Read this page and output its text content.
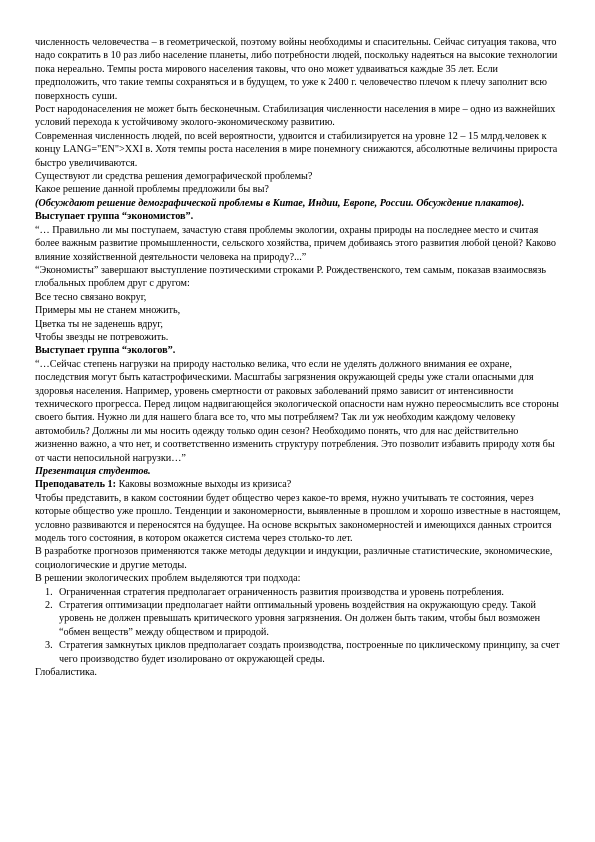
численность человечества – в геометрической, поэтому войны необходимы и спасительны. Сейчас ситуация такова, что надо сократить в 10 раз либо население планеты, либо потребности людей, поскольку надеяться на высокие технологии пока нереально. Темпы роста мирового населения таковы, что оно может удваиваться каждые 35 лет. Если предположить, что такие темпы сохраняться и в будущем, то уже к 2400 г. человечество плечом к плечу заполнит всю поверхность суши.

Рост народонаселения не может быть бесконечным. Стабилизация численности населения в мире – одно из важнейших условий перехода к устойчивому эколого-экономическому развитию.

Современная численность людей, по всей вероятности, удвоится и стабилизируется на уровне 12 – 15 млрд.человек к концу LANG="EN">XXI в. Хотя темпы роста населения в мире понемногу снижаются, абсолютные величины прироста быстро увеличиваются.

Существуют ли средства решения демографической проблемы?

Какое решение данной проблемы предложили бы вы?

(Обсуждают решение демографической проблемы в Китае, Индии, Европе, России. Обсуждение плакатов).

Выступает группа “экономистов”.

“… Правильно ли мы поступаем, зачастую ставя проблемы экологии, охраны природы на последнее место и считая более важным развитие промышленности, сельского хозяйства, причем добиваясь этого развития любой ценой? Каково влияние хозяйственной деятельности человека на природу?...”

“Экономисты” завершают выступление поэтическими строками Р. Рождественского, тем самым, показав взаимосвязь глобальных проблем друг с другом:

Все тесно связано вокруг,

Примеры мы не станем множить,

Цветка ты не заденешь вдруг,

Чтобы звезды не потревожить.

Выступает группа “экологов”.

“…Сейчас степень нагрузки на природу настолько велика, что если не уделять должного внимания ее охране, последствия могут быть катастрофическими. Масштабы загрязнения окружающей среды уже стали опасными для здоровья населения. Например, уровень смертности от раковых заболеваний прямо зависит от интенсивности технического прогресса. Перед лицом надвигающейся экологической опасности нам нужно переосмыслить все стороны своего бытия. Нужно ли для нашего блага все то, что мы потребляем? Так ли уж необходим каждому человеку автомобиль? Должны ли мы носить одежду только один сезон? Необходимо понять, что для нас действительно жизненно важно, а что нет, и соответственно изменить структуру потребления. Это позволит избавить природу хотя бы от части непосильной нагрузки…”

Презентация студентов.

Преподаватель 1: Каковы возможные выходы из кризиса?

Чтобы представить, в каком состоянии будет общество через какое-то время, нужно учитывать те состояния, через которые общество уже прошло. Тенденции и закономерности, выявленные в прошлом и хорошо известные в настоящем, условно развиваются и переносятся на будущее. На основе вскрытых закономерностей и имеющихся данных строится модель того состояния, в котором окажется система через столько-то лет.

В разработке прогнозов применяются также методы дедукции и индукции, различные статистические, экономические, социологические и другие методы.

В решении экологических проблем выделяются три подхода:

1. Ограниченная стратегия предполагает ограниченность развития производства и уровень потребления.
2. Стратегия оптимизации предполагает найти оптимальный уровень воздействия на окружающую среду. Такой уровень не должен превышать критического уровня загрязнения. Он должен быть таким, чтобы был возможен “обмен веществ” между обществом и природой.
3. Стратегия замкнутых циклов предполагает создать производства, построенные по циклическому принципу, за счет чего производство будет изолировано от окружающей среды.

Глобалистика.
